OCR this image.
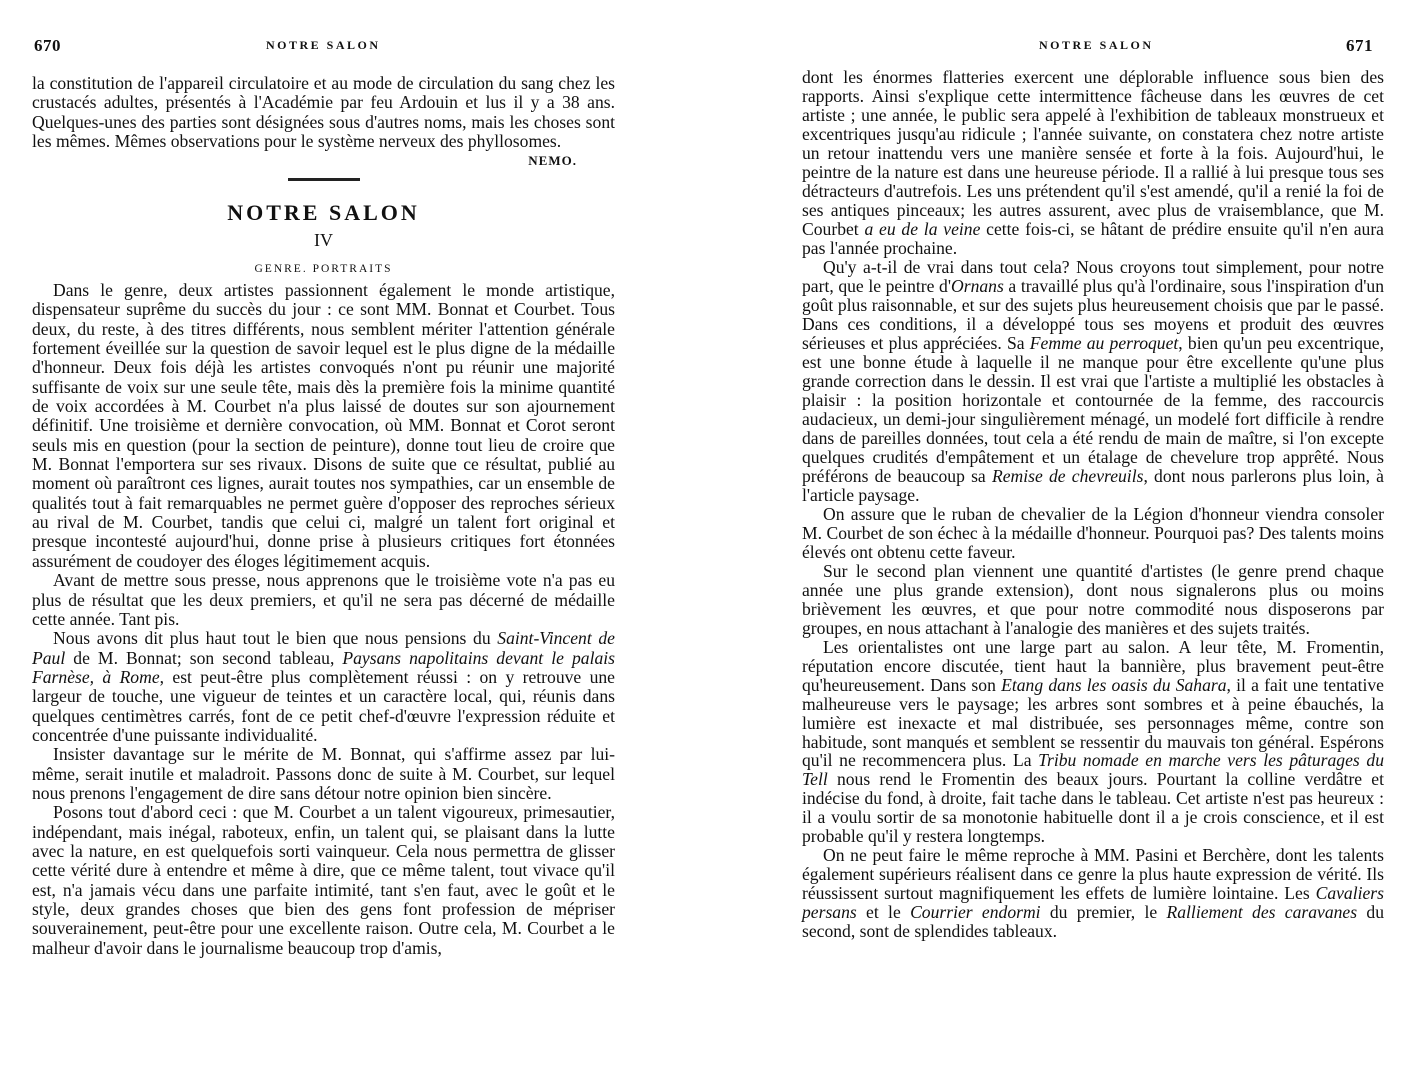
670	NOTRE SALON

la constitution de l'appareil circulatoire et au mode de circulation du sang chez les crustacés adultes, présentés à l'Académie par feu Ardouin et lus il y a 38 ans. Quelques-unes des parties sont désignées sous d'autres noms, mais les choses sont les mêmes. Mêmes observations pour le système nerveux des phyllosomes.
NEMO.

NOTRE SALON
IV
GENRE. PORTRAITS

Dans le genre, deux artistes passionnent également le monde artistique, dispensateur suprême du succès du jour : ce sont MM. Bonnat et Courbet. Tous deux, du reste, à des titres différents, nous semblent mériter l'attention générale fortement éveillée sur la question de savoir lequel est le plus digne de la médaille d'honneur. Deux fois déjà les artistes convoqués n'ont pu réunir une majorité suffisante de voix sur une seule tête, mais dès la première fois la minime quantité de voix accordées à M. Courbet n'a plus laissé de doutes sur son ajournement définitif. Une troisième et dernière convocation, où MM. Bonnat et Corot seront seuls mis en question (pour la section de peinture), donne tout lieu de croire que M. Bonnat l'emportera sur ses rivaux. Disons de suite que ce résultat, publié au moment où paraîtront ces lignes, aurait toutes nos sympathies, car un ensemble de qualités tout à fait remarquables ne permet guère d'opposer des reproches sérieux au rival de M. Courbet, tandis que celui ci, malgré un talent fort original et presque incontesté aujourd'hui, donne prise à plusieurs critiques fort étonnées assurément de coudoyer des éloges légitimement acquis.

Avant de mettre sous presse, nous apprenons que le troisième vote n'a pas eu plus de résultat que les deux premiers, et qu'il ne sera pas décerné de médaille cette année. Tant pis.

Nous avons dit plus haut tout le bien que nous pensions du Saint-Vincent de Paul de M. Bonnat; son second tableau, Paysans napolitains devant le palais Farnèse, à Rome, est peut-être plus complètement réussi : on y retrouve une largeur de touche, une vigueur de teintes et un caractère local, qui, réunis dans quelques centimètres carrés, font de ce petit chef-d'œuvre l'expression réduite et concentrée d'une puissante individualité.

Insister davantage sur le mérite de M. Bonnat, qui s'affirme assez par lui-même, serait inutile et maladroit. Passons donc de suite à M. Courbet, sur lequel nous prenons l'engagement de dire sans détour notre opinion bien sincère.

Posons tout d'abord ceci : que M. Courbet a un talent vigoureux, primesautier, indépendant, mais inégal, raboteux, enfin, un talent qui, se plaisant dans la lutte avec la nature, en est quelquefois sorti vainqueur. Cela nous permettra de glisser cette vérité dure à entendre et même à dire, que ce même talent, tout vivace qu'il est, n'a jamais vécu dans une parfaite intimité, tant s'en faut, avec le goût et le style, deux grandes choses que bien des gens font profession de mépriser souverainement, peut-être pour une excellente raison. Outre cela, M. Courbet a le malheur d'avoir dans le journalisme beaucoup trop d'amis,

NOTRE SALON	671

dont les énormes flatteries exercent une déplorable influence sous bien des rapports. Ainsi s'explique cette intermittence fâcheuse dans les œuvres de cet artiste ; une année, le public sera appelé à l'exhibition de tableaux monstrueux et excentriques jusqu'au ridicule ; l'année suivante, on constatera chez notre artiste un retour inattendu vers une manière sensée et forte à la fois. Aujourd'hui, le peintre de la nature est dans une heureuse période. Il a rallié à lui presque tous ses détracteurs d'autrefois. Les uns prétendent qu'il s'est amendé, qu'il a renié la foi de ses antiques pinceaux; les autres assurent, avec plus de vraisemblance, que M. Courbet a eu de la veine cette fois-ci, se hâtant de prédire ensuite qu'il n'en aura pas l'année prochaine.

Qu'y a-t-il de vrai dans tout cela? Nous croyons tout simplement, pour notre part, que le peintre d'Ornans a travaillé plus qu'à l'ordinaire, sous l'inspiration d'un goût plus raisonnable, et sur des sujets plus heureusement choisis que par le passé. Dans ces conditions, il a développé tous ses moyens et produit des œuvres sérieuses et plus appréciées. Sa Femme au perroquet, bien qu'un peu excentrique, est une bonne étude à laquelle il ne manque pour être excellente qu'une plus grande correction dans le dessin. Il est vrai que l'artiste a multiplié les obstacles à plaisir : la position horizontale et contournée de la femme, des raccourcis audacieux, un demi-jour singulièrement ménagé, un modelé fort difficile à rendre dans de pareilles données, tout cela a été rendu de main de maître, si l'on excepte quelques crudités d'empâtement et un étalage de chevelure trop apprêté. Nous préférons de beaucoup sa Remise de chevreuils, dont nous parlerons plus loin, à l'article paysage.

On assure que le ruban de chevalier de la Légion d'honneur viendra consoler M. Courbet de son échec à la médaille d'honneur. Pourquoi pas? Des talents moins élevés ont obtenu cette faveur.

Sur le second plan viennent une quantité d'artistes (le genre prend chaque année une plus grande extension), dont nous signalerons plus ou moins brièvement les œuvres, et que pour notre commodité nous disposerons par groupes, en nous attachant à l'analogie des manières et des sujets traités.

Les orientalistes ont une large part au salon. A leur tête, M. Fromentin, réputation encore discutée, tient haut la bannière, plus bravement peut-être qu'heureusement. Dans son Etang dans les oasis du Sahara, il a fait une tentative malheureuse vers le paysage; les arbres sont sombres et à peine ébauchés, la lumière est inexacte et mal distribuée, ses personnages même, contre son habitude, sont manqués et semblent se ressentir du mauvais ton général. Espérons qu'il ne recommencera plus. La Tribu nomade en marche vers les pâturages du Tell nous rend le Fromentin des beaux jours. Pourtant la colline verdâtre et indécise du fond, à droite, fait tache dans le tableau. Cet artiste n'est pas heureux : il a voulu sortir de sa monotonie habituelle dont il a je crois conscience, et il est probable qu'il y restera longtemps.

On ne peut faire le même reproche à MM. Pasini et Berchère, dont les talents également supérieurs réalisent dans ce genre la plus haute expression de vérité. Ils réussissent surtout magnifiquement les effets de lumière lointaine. Les Cavaliers persans et le Courrier endormi du premier, le Ralliement des caravanes du second, sont de splendides tableaux.
